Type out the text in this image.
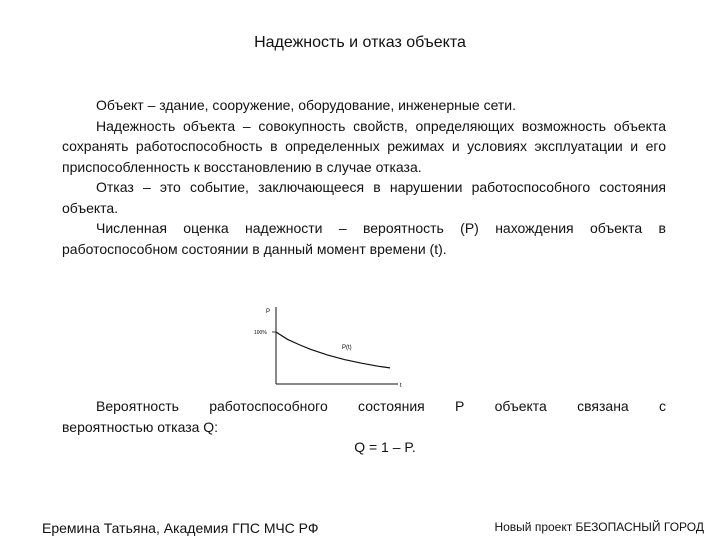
Надежность и отказ объекта

Объект – здание, сооружение, оборудование, инженерные сети.

Надежность объекта – совокупность свойств, определяющих возможность объекта сохранять работоспособность в определенных режимах и условиях эксплуатации и его приспособленность к восстановлению в случае отказа.

Отказ – это событие, заключающееся в нарушении работоспособного состояния объекта.

Численная оценка надежности – вероятность (P) нахождения объекта в работоспособном состоянии в данный момент времени (t).

P
100%
t
P(t)
Вероятность работоспособного состояния P объекта связана с
вероятностью отказа Q:
Q = 1 – P.
Еремина Татьяна, Академия ГПС МЧС РФ	Новый проект БЕЗОПАСНЫЙ ГОРОД
